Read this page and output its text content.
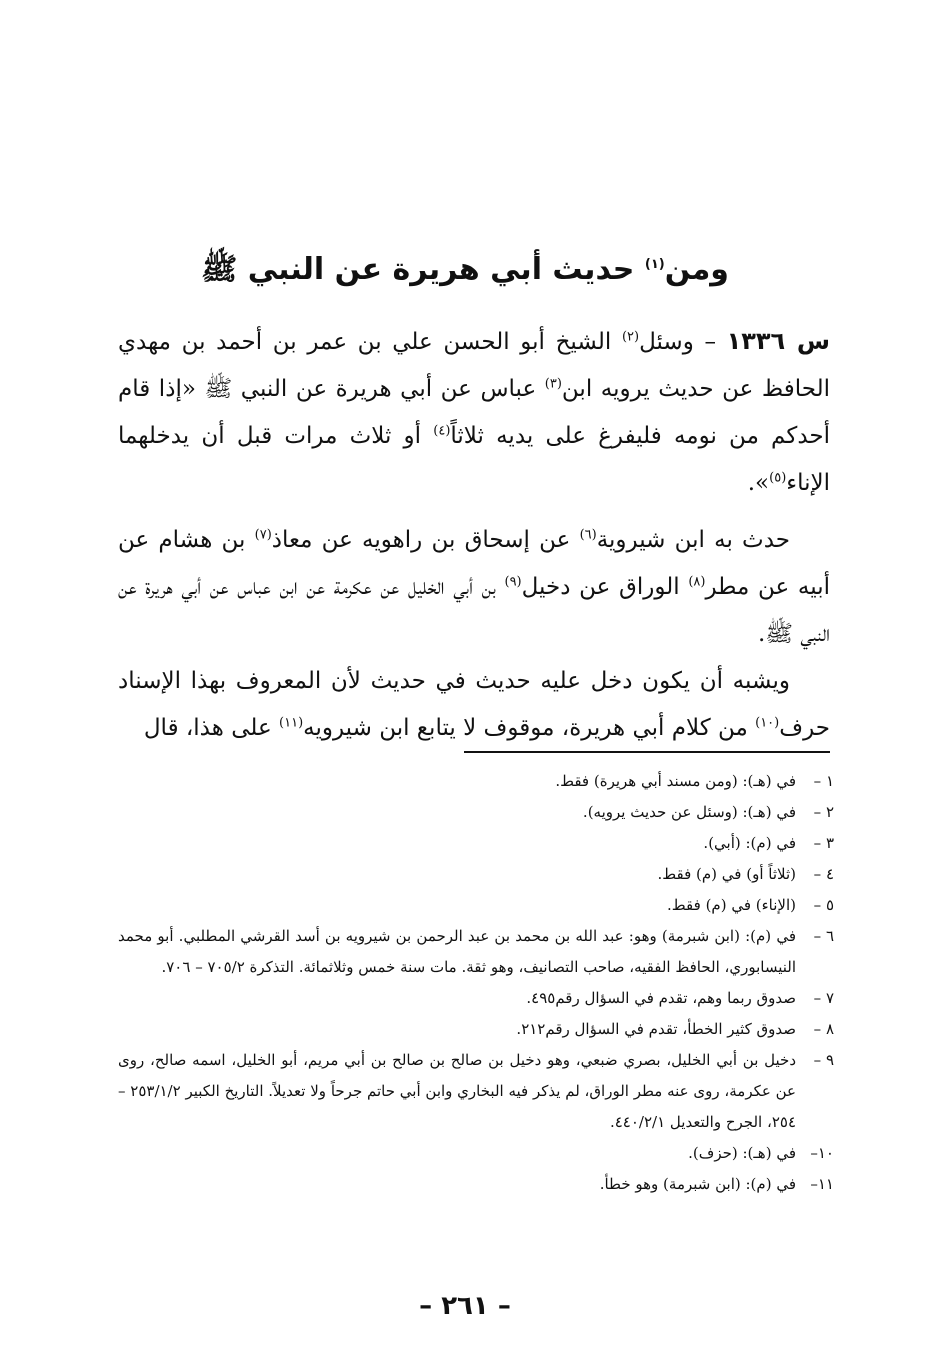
ومن$^{(١)}$ حديث أبي هريرة عن النبي ﷺ

س ١٣٣٦ – وسئل$^{(٢)}$ الشيخ أبو الحسن علي بن عمر بن أحمد بن مهدي الحافظ عن حديث يرويه ابن$^{(٣)}$ عباس عن أبي هريرة عن النبي ﷺ «إذا قام أحدكم من نومه فليفرغ على يديه ثلاثاً$^{(٤)}$ أو ثلاث مرات قبل أن يدخلهما الإناء$^{(٥)}$».

حدث به ابن شيروية$^{(٦)}$ عن إسحاق بن راهويه عن معاذ$^{(٧)}$ بن هشام عن أبيه عن مطر$^{(٨)}$ الوراق عن دخيل$^{(٩)}$ بن أبي الخليل عن عكرمة عن ابن عباس عن أبي هريرة عن النبي ﷺ.

ويشبه أن يكون دخل عليه حديث في حديث لأن المعروف بهذا الإسناد حرف$^{(١٠)}$ من كلام أبي هريرة، موقوف لا يتابع ابن شيرويه$^{(١١)}$ على هذا، قال

١ –
في (هـ): (ومن مسند أبي هريرة) فقط.
٢ –
في (هـ): (وسئل عن حديث يرويه).
٣ –
في (م): (أبي).
٤ –
(ثلاثاً أو) في (م) فقط.
٥ –
(الإناء) في (م) فقط.
٦ –
في (م): (ابن شبرمة) وهو: عبد الله بن محمد بن عبد الرحمن بن شيرويه بن أسد القرشي المطلبي. أبو محمد النيسابوري، الحافظ الفقيه، صاحب التصانيف، وهو ثقة. مات سنة خمس وثلاثمائة. التذكرة ٧٠٥/٢ – ٧٠٦.
٧ –
صدوق ربما وهم، تقدم في السؤال رقم٤٩٥.
٨ –
صدوق كثير الخطأ، تقدم في السؤال رقم٢١٢.
٩ –
دخيل بن أبي الخليل، بصري ضبعي، وهو دخيل بن صالح بن صالح بن أبي مريم، أبو الخليل، اسمه صالح، روى عن عكرمة، روى عنه مطر الوراق، لم يذكر فيه البخاري وابن أبي حاتم جرحاً ولا تعديلاً. التاريخ الكبير ٢٥٣/١/٢ – ٢٥٤، الجرح والتعديل ٤٤٠/٢/١.
١٠–
في (هـ): (حزف).
١١–
في (م): (ابن شبرمة) وهو خطأ.
– ٢٦١ –
